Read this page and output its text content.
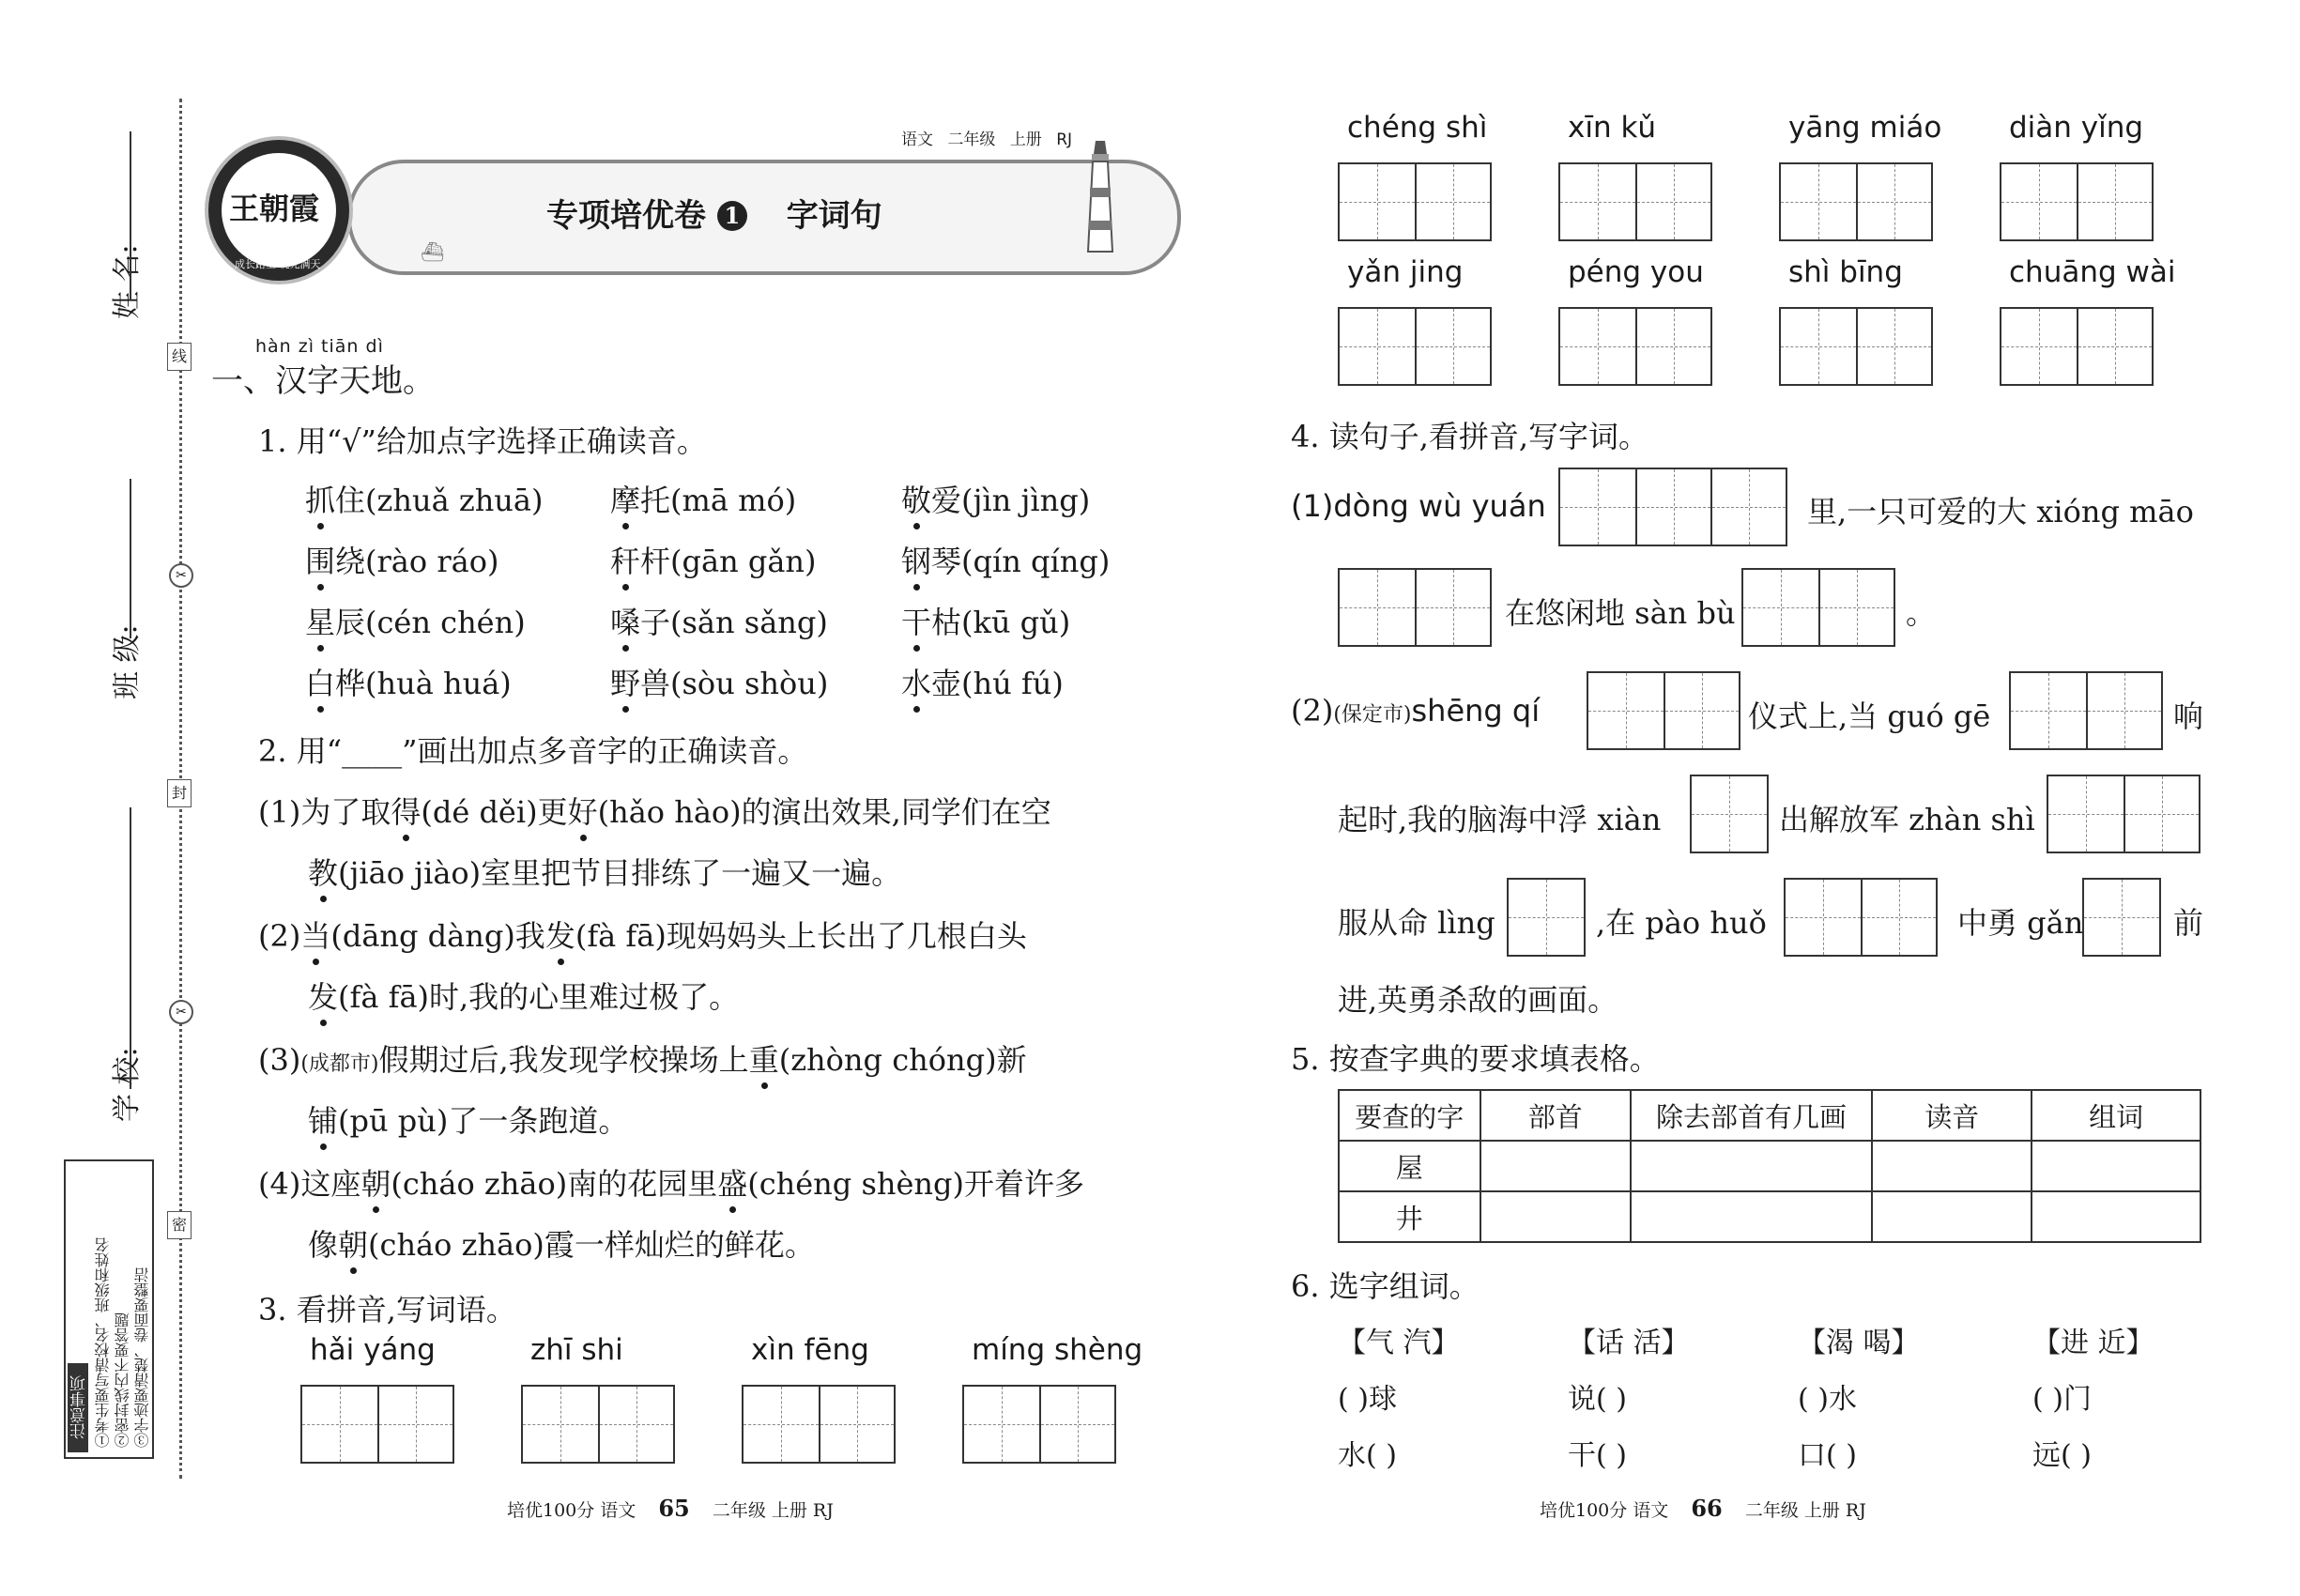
姓 名:
班 级:
学 校:
线
封
密
✂
✂
注意事项 ①考生要写清校名、班级和姓名 ②密封线内不要答题 ③字迹要清楚、卷面要整洁
王朝霞
成长路上 说光满天
语文 二年级 上册 RJ
⛴
专项培优卷 1 字词句
hàn zì tiān dì
一、汉字天地。
1. 用“√”给加点字选择正确读音。
抓住(zhuǎ zhuā) 摩托(mā mó)	敬爱(jìn jìng)
围绕(rào ráo)	秆杆(gān gǎn)	钢琴(qín qíng)
星辰(cén chén)	嗓子(sǎn sǎng) 干枯(kū gǔ)
白桦(huà huá)	野兽(sòu shòu) 水壶(hú fú)
2. 用“____”画出加点多音字的正确读音。
(1)为了取得(dé děi)更好(hǎo hào)的演出效果,同学们在空
教(jiāo jiào)室里把节目排练了一遍又一遍。
(2)当(dāng dàng)我发(fà fā)现妈妈头上长出了几根白头
发(fà fā)时,我的心里难过极了。
(3)(成都市)假期过后,我发现学校操场上重(zhòng chóng)新
铺(pū pù)了一条跑道。
(4)这座朝(cháo zhāo)南的花园里盛(chéng shèng)开着许多
像朝(cháo zhāo)霞一样灿烂的鲜花。
3. 看拼音,写词语。
hǎi yáng	zhī shi	xìn fēng	míng shèng
chéng shì	xīn kǔ	yāng miáo diàn yǐng
yǎn jing	péng you	shì bīng	chuāng wài
4. 读句子,看拼音,写字词。
(1)dòng wù yuán	里,一只可爱的大 xióng māo
在悠闲地 sàn bù	。
(2)(保定市)shēng qí	仪式上,当 guó gē	响
起时,我的脑海中浮 xiàn	出解放军 zhàn shì
服从命 lìng	,在 pào huǒ	中勇 gǎn	前
进,英勇杀敌的画面。
5. 按查字典的要求填表格。
要查的字	部首	除去部首有几画	读音	组词
屋				
井				
6. 选字组词。
【气 汽】
( )球
水( )
【话 活】
说( )
干( )
【渴 喝】
( )水
口( )
【进 近】
( )门
远( )
培优100分 语文 65 二年级 上册 RJ	培优100分 语文 66 二年级 上册 RJ
